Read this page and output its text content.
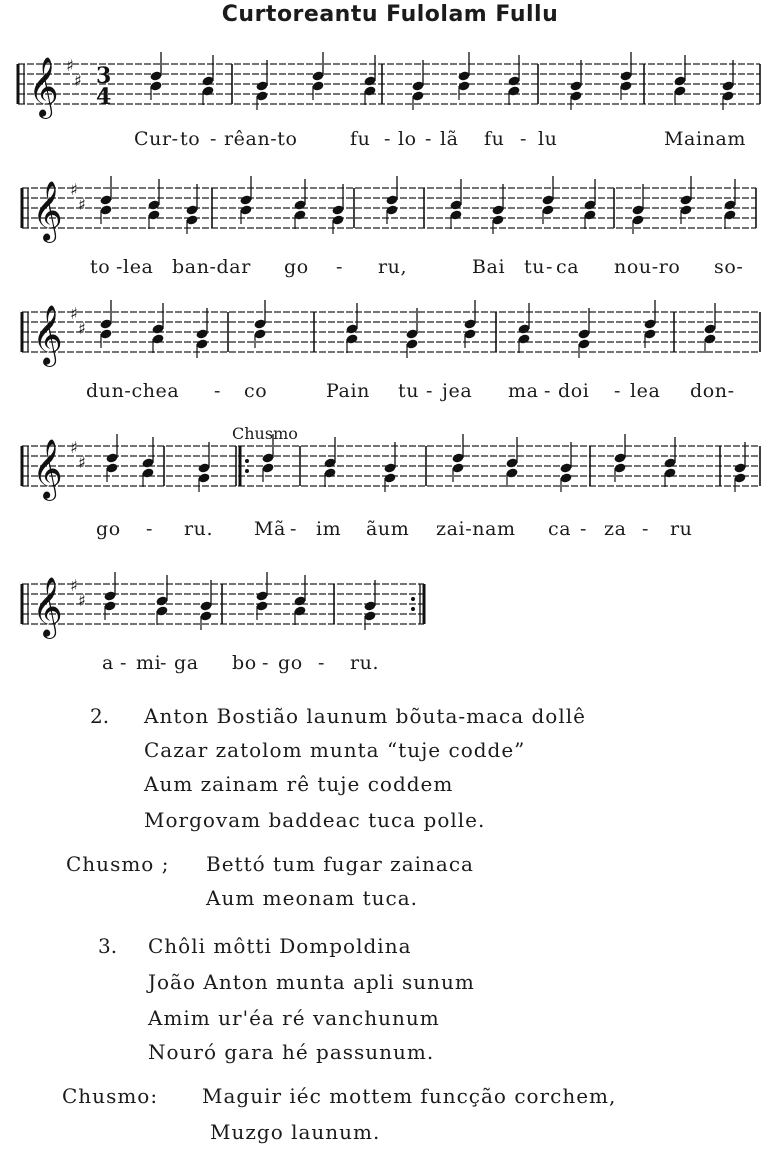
Curtoreantu Fulolam Fullu
𝄞 ♯
♯ 3
4
Cur- to - rêan-to	fu - lo - lã fu - lu	Mainam
𝄞 ♯
♯
to -lea ban-dar go - ru,	Bai tu - ca nou-ro so-
𝄞 ♯
♯
dun-chea - co	Pain tu - jea ma - doi - lea don-
Chusmo
𝄞 ♯
♯
go - ru. Mã - im ãum zai-nam ca - za - ru
𝄞 ♯
♯
a - mi
- ga bo - go - ru.
2. Anton Bostião launum bõuta-maca dollê
Cazar zatolom munta “tuje codde”
Aum zainam rê tuje coddem
Morgovam baddeac tuca polle.
Chusmo ; Bettó tum fugar zainaca
Aum meonam tuca.
3. Chôli môtti Dompoldina
João Anton munta apli sunum
Amim ur'éa ré vanchunum
Nouró gara hé passunum.
Chusmo: Maguir iéc mottem funcção corchem,
Muzgo launum.
